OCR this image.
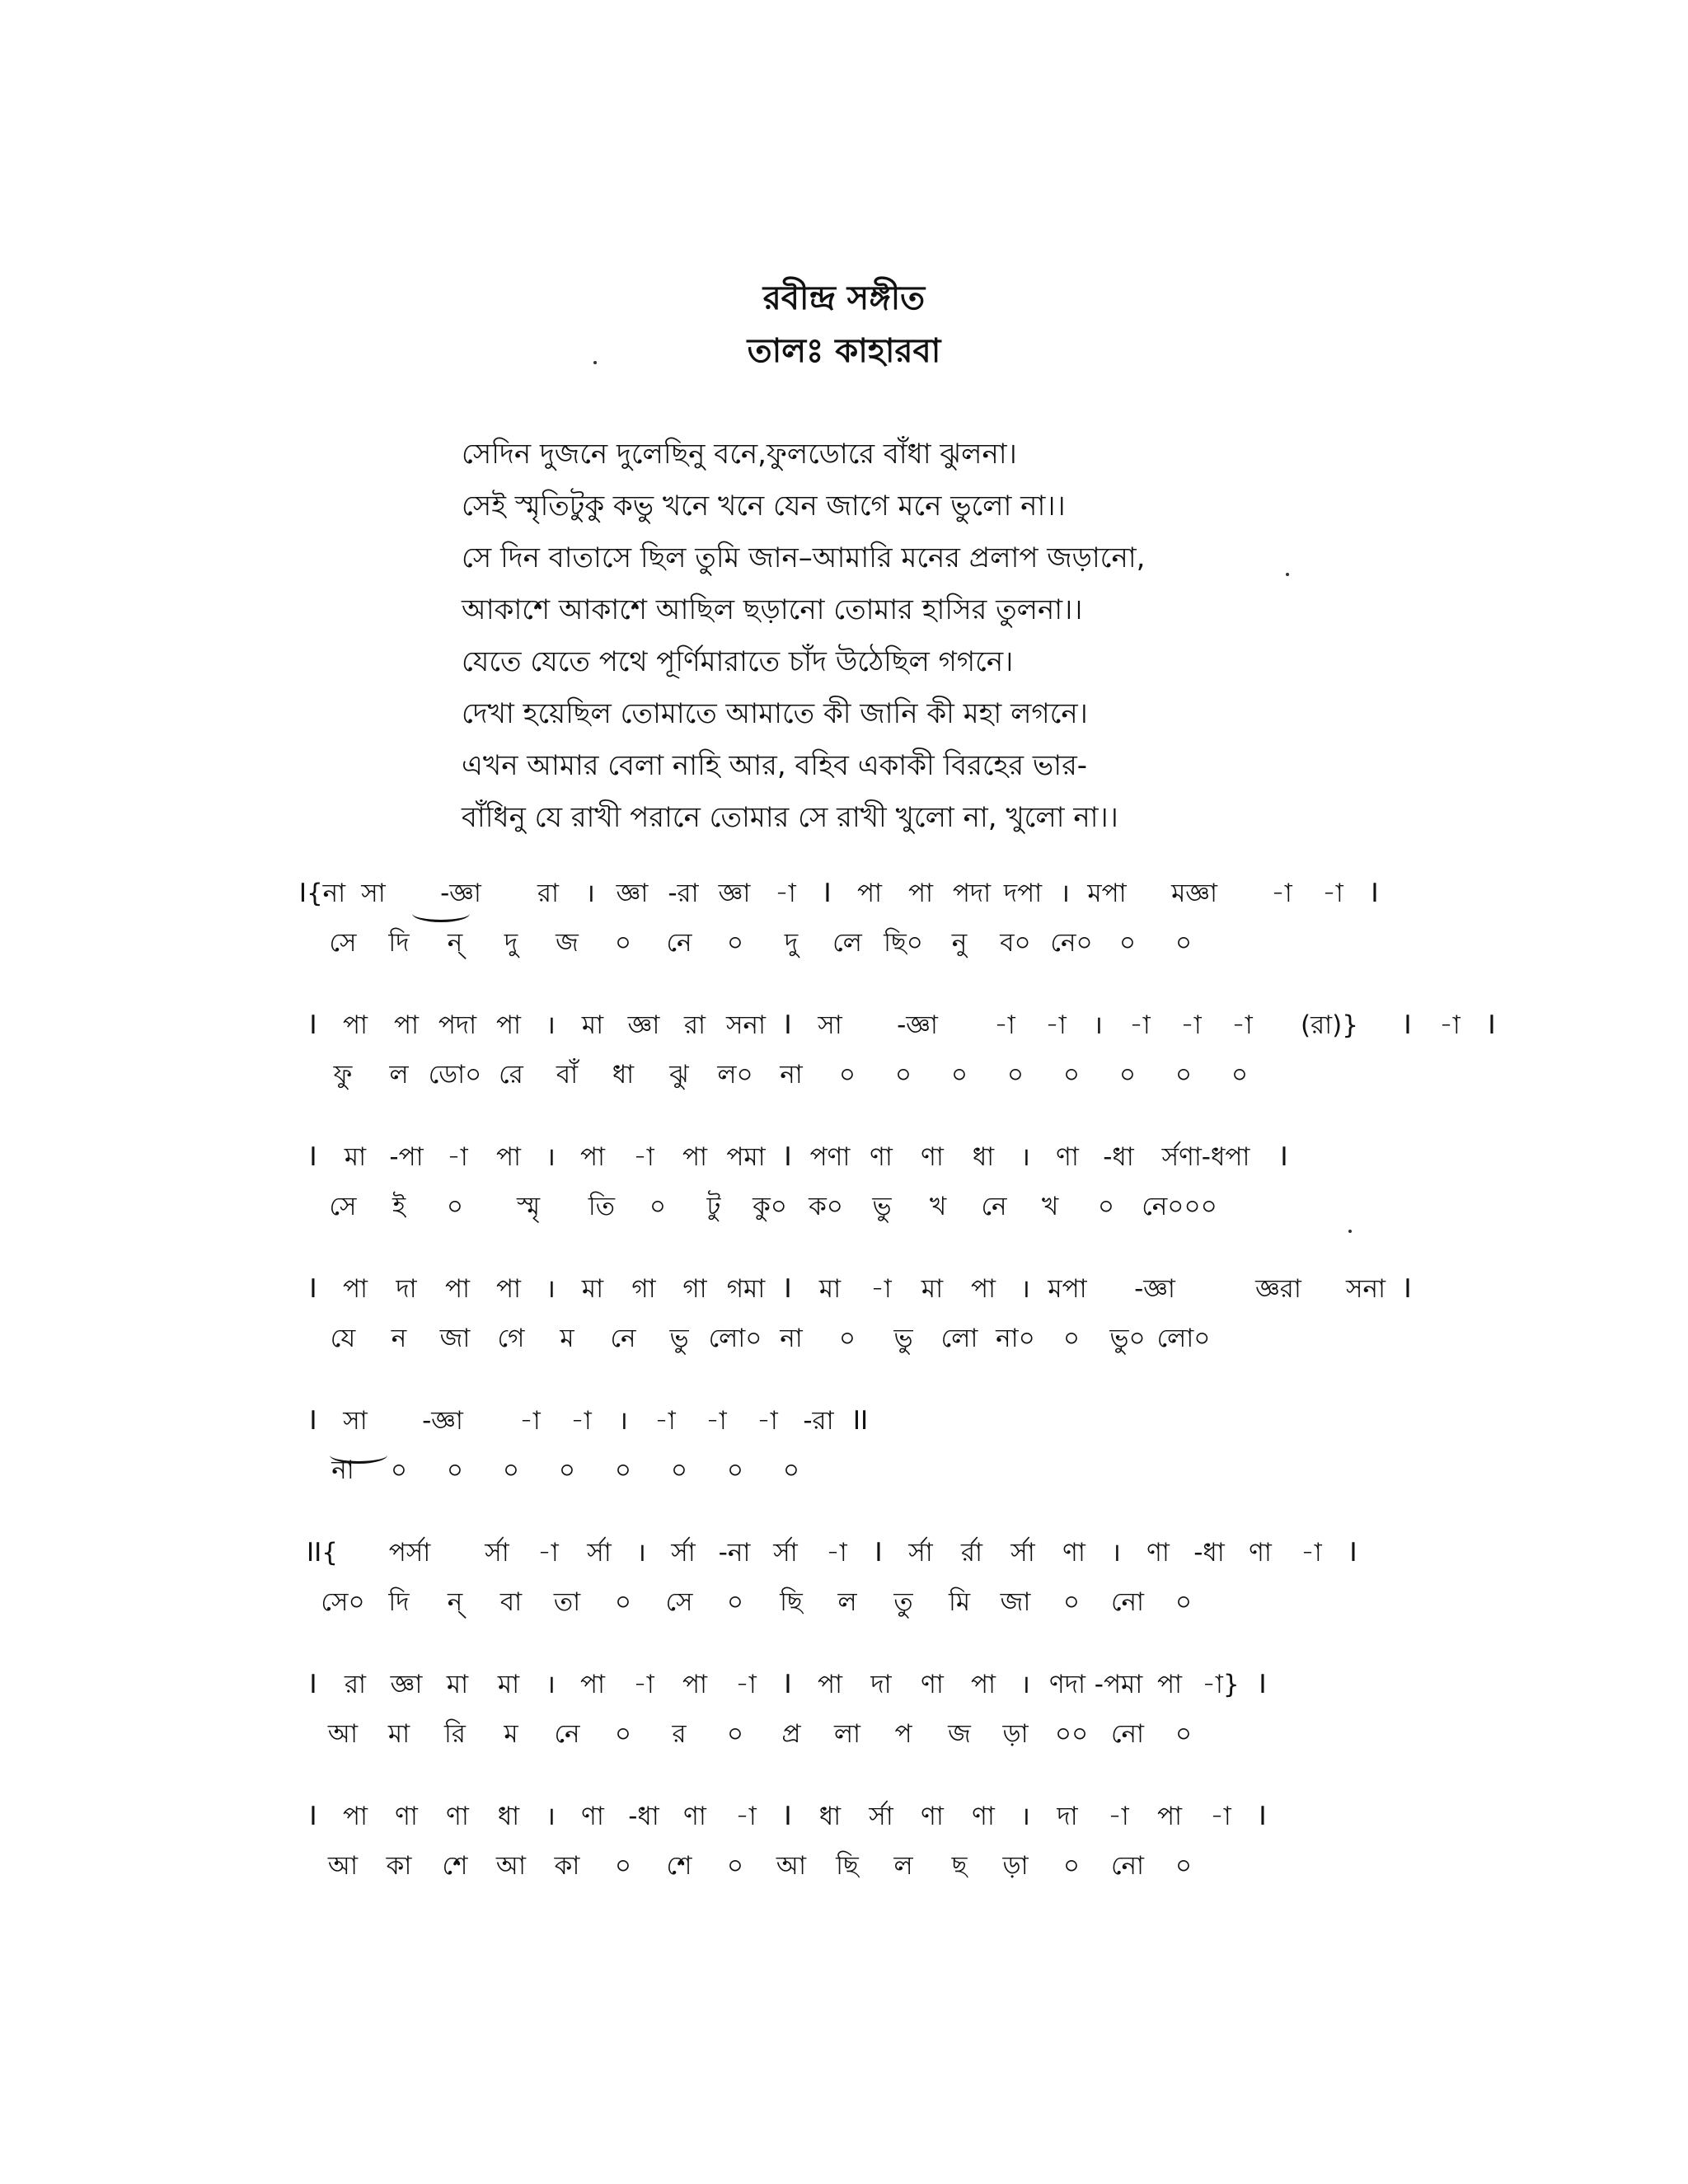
রবীন্দ্র সঙ্গীত
তালঃ কাহারবা
সেদিন দুজনে দুলেছিনু বনে,ফুলডোরে বাঁধা ঝুলনা।
সেই স্মৃতিটুকু কভু খনে খনে যেন জাগে মনে ভুলো না।।
সে দিন বাতাসে ছিল তুমি জান–আমারি মনের প্রলাপ জড়ানো,
আকাশে আকাশে আছিল ছড়ানো তোমার হাসির তুলনা।।
যেতে যেতে পথে পূর্ণিমারাতে চাঁদ উঠেছিল গগনে।
দেখা হয়েছিল তোমাতে আমাতে কী জানি কী মহা লগনে।
এখন আমার বেলা নাহি আর, বহিব একাকী বিরহের ভার-
বাঁধিনু যে রাখী পরানে তোমার সে রাখী খুলো না, খুলো না।।
I{না সা	-জ্ঞা	রা	। জ্ঞা -রা জ্ঞা -া	I	পা	পা পদা দপা । মপা	মজ্ঞা	-া	-া	I
সে	দি	ন্	দু	জ	০	নে	০	দু	লে ছি০	নু	ব০ নে০	০	০
I	পা	পা পদা পা ।	মা জ্ঞা রা সনা I	সা	-জ্ঞা	-া	-া	।	-া	-া	-া	(রা)}	I	-া	I
ফু	ল ডো০ রে	বাঁ	ধা	ঝু	ল০	না	০	০	০	০	০	০	০	০
I	মা -পা -া	পা । পা	-া	পা পমা I পণা ণা	ণা	ধা	।	ণা -ধা	র্সণা-ধপা	I
সে	ই	০	স্মৃ	তি	০	টু	কু০ ক০	ভু	খ	নে	খ	০	নে০০০
I	পা	দা	পা	পা ।	মা	গা	গা গমা I	মা	-া	মা	পা । মপা	-জ্ঞা	জ্ঞরা	সনা I
যে	ন	জা	গে	ম	নে	ভু লো০ না	০	ভু	লো না০	০	ভু০ লো০
I	সা	-জ্ঞা	-া	-া	।	-া	-া	-া -রা II
না	০	০	০	০	০	০	০	০
II{	পর্সা	র্সা	-া	র্সা । র্সা -না র্সা	-া	I	র্সা	র্রা	র্সা	ণা	।	ণা -ধা ণা	-া	I
সে০ দি	ন্	বা	তা	০	সে	০	ছি	ল	তু	মি	জা	০	নো	০
I	রা জ্ঞা মা	মা	। পা	-া	পা	-া	I	পা	দা	ণা	পা । ণদা -পমা পা -া} I
আ	মা	রি	ম	নে	০	র	০	প্র	লা	প	জ	ড়া	০০ নো	০
I	পা	ণা	ণা	ধা	।	ণা -ধা ণা	-া	I	ধা	র্সা	ণা	ণা	।	দা	-া	পা	-া	I
আ	কা	শে	আ	কা	০	শে	০	আ	ছি	ল	ছ	ড়া	০	নো	০
